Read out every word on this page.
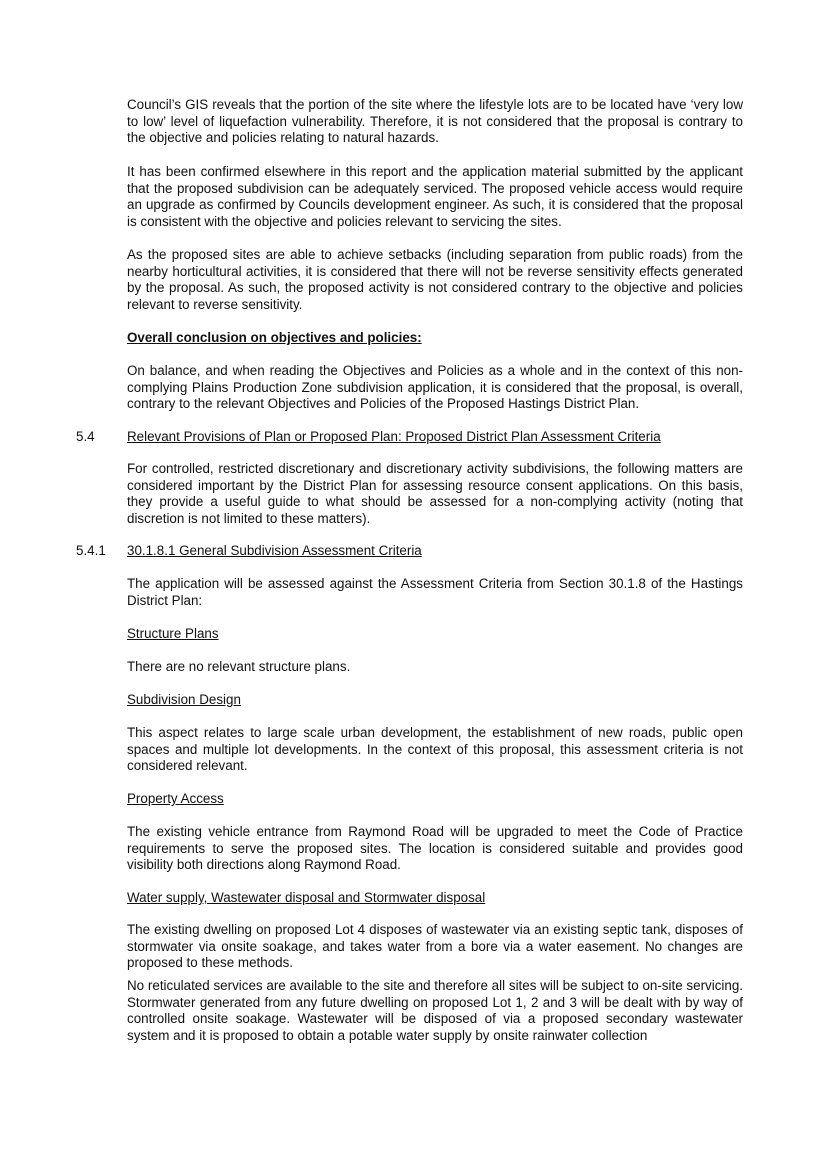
Council’s GIS reveals that the portion of the site where the lifestyle lots are to be located have ‘very low to low’ level of liquefaction vulnerability. Therefore, it is not considered that the proposal is contrary to the objective and policies relating to natural hazards.

It has been confirmed elsewhere in this report and the application material submitted by the applicant that the proposed subdivision can be adequately serviced. The proposed vehicle access would require an upgrade as confirmed by Councils development engineer. As such, it is considered that the proposal is consistent with the objective and policies relevant to servicing the sites.

As the proposed sites are able to achieve setbacks (including separation from public roads) from the nearby horticultural activities, it is considered that there will not be reverse sensitivity effects generated by the proposal. As such, the proposed activity is not considered contrary to the objective and policies relevant to reverse sensitivity.

Overall conclusion on objectives and policies:

On balance, and when reading the Objectives and Policies as a whole and in the context of this non-complying Plains Production Zone subdivision application, it is considered that the proposal, is overall, contrary to the relevant Objectives and Policies of the Proposed Hastings District Plan.

5.4 Relevant Provisions of Plan or Proposed Plan: Proposed District Plan Assessment Criteria

For controlled, restricted discretionary and discretionary activity subdivisions, the following matters are considered important by the District Plan for assessing resource consent applications. On this basis, they provide a useful guide to what should be assessed for a non-complying activity (noting that discretion is not limited to these matters).

5.4.1 30.1.8.1 General Subdivision Assessment Criteria

The application will be assessed against the Assessment Criteria from Section 30.1.8 of the Hastings District Plan:

Structure Plans

There are no relevant structure plans.

Subdivision Design

This aspect relates to large scale urban development, the establishment of new roads, public open spaces and multiple lot developments. In the context of this proposal, this assessment criteria is not considered relevant.

Property Access

The existing vehicle entrance from Raymond Road will be upgraded to meet the Code of Practice requirements to serve the proposed sites. The location is considered suitable and provides good visibility both directions along Raymond Road.

Water supply, Wastewater disposal and Stormwater disposal

The existing dwelling on proposed Lot 4 disposes of wastewater via an existing septic tank, disposes of stormwater via onsite soakage, and takes water from a bore via a water easement. No changes are proposed to these methods.

No reticulated services are available to the site and therefore all sites will be subject to on-site servicing. Stormwater generated from any future dwelling on proposed Lot 1, 2 and 3 will be dealt with by way of controlled onsite soakage. Wastewater will be disposed of via a proposed secondary wastewater system and it is proposed to obtain a potable water supply by onsite rainwater collection
